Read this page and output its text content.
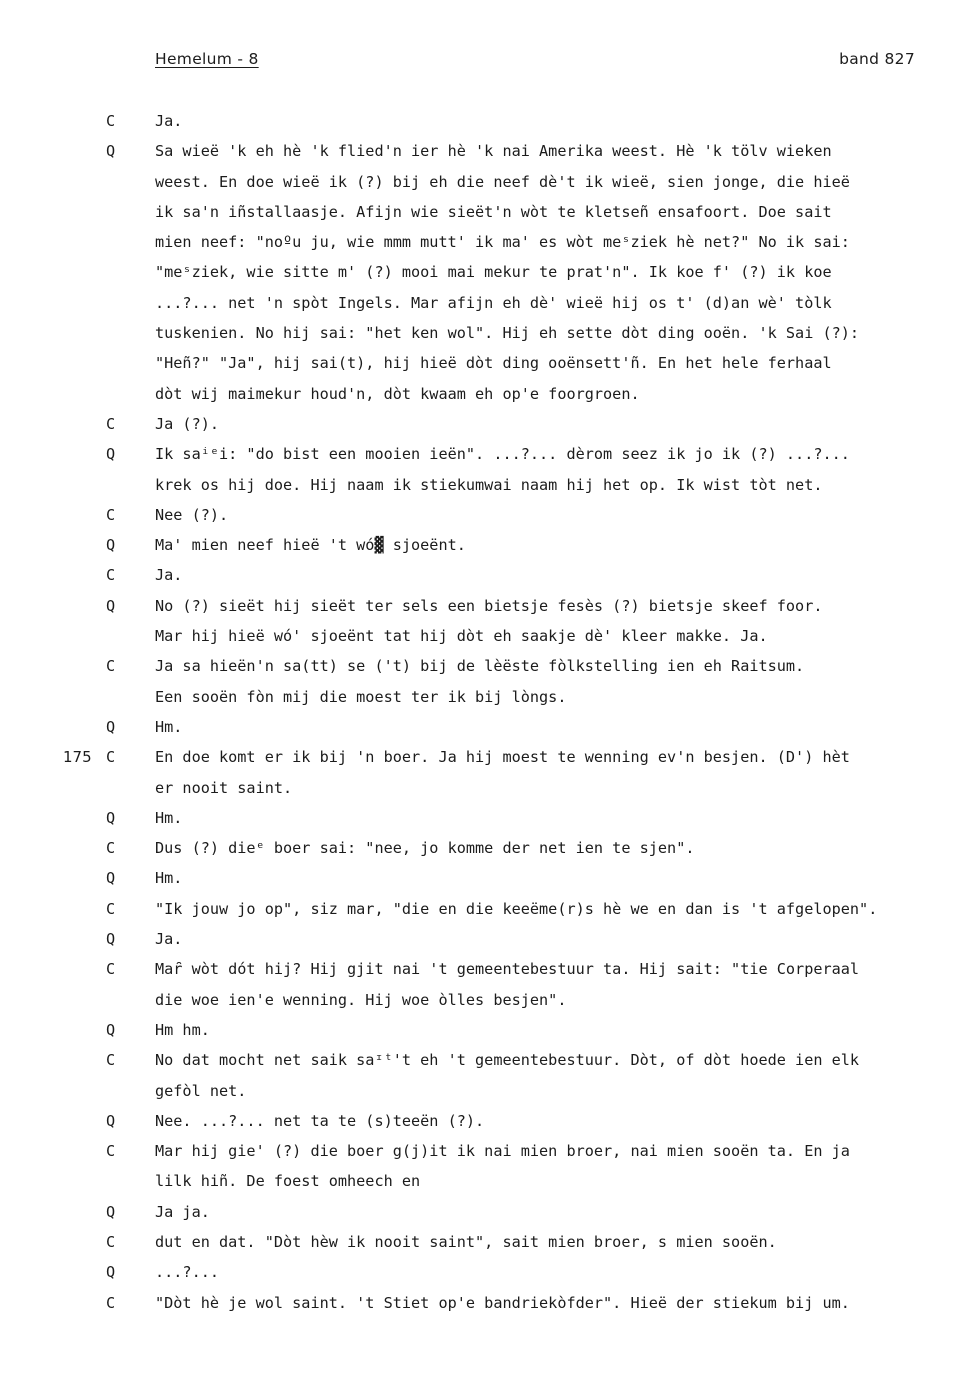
Hemelum - 8	band 827
C	Ja.
Q	Sa wieë 'k eh hè 'k flied'n ier hè 'k nai Amerika weest. Hè 'k tölv wieken
weest. En doe wieë ik (?) bij eh die neef dè't ik wieë, sien jonge, die hieë
ik sa'n iñstallaasje. Afijn wie sieët'n wòt te kletseñ ensafoort. Doe sait
mien neef: "noºu ju, wie mmm mutt' ik ma' es wòt meˢziek hè net?" No ik sai:
"meˢziek, wie sitte m' (?) mooi mai mekur te prat'n". Ik koe f' (?) ik koe
...?... net 'n spòt Ingels. Mar afijn eh dè' wieë hij os t' (d)an wè' tòlk
tuskenien. No hij sai: "het ken wol". Hij eh sette dòt ding ooën. 'k Sai (?):
"Heñ?" "Ja", hij sai(t), hij hieë dòt ding ooënsett'ñ. En het hele ferhaal
dòt wij maimekur houd'n, dòt kwaam eh op'e foorgroen.
C	Ja (?).
Q	Ik saⁱᵉi: "do bist een mooien ieën". ...?... dèrom seez ik jo ik (?) ...?...
krek os hij doe. Hij naam ik stiekumwai naam hij het op. Ik wist tòt net.
C	Nee (?).
Q	Ma' mien neef hieë 't wó▓ sjoeënt.
C	Ja.
Q	No (?) sieët hij sieët ter sels een bietsje fesès (?) bietsje skeef foor.
Mar hij hieë wó' sjoeënt tat hij dòt eh saakje dè' kleer makke. Ja.
C	Ja sa hieën'n sa(tt) se ('t) bij de lèëste fòlkstelling ien eh Raitsum.
Een sooën fòn mij die moest ter ik bij lòngs.
Q	Hm.
175 C	En doe komt er ik bij 'n boer. Ja hij moest te wenning ev'n besjen. (D') hèt
er nooit saint.
Q	Hm.
C	Dus (?) dieᵉ boer sai: "nee, jo komme der net ien te sjen".
Q	Hm.
C	"Ik jouw jo op", siz mar, "die en die keeëme(r)s hè we en dan is 't afgelopen".
Q	Ja.
C	Maȓ wòt dót hij? Hij gjit nai 't gemeentebestuur ta. Hij sait: "tie Corperaal
die woe ien'e wenning. Hij woe òlles besjen".
Q	Hm hm.
C	No dat mocht net saik saᶦᵗ't eh 't gemeentebestuur. Dòt, of dòt hoede ien elk
gefòl net.
Q	Nee. ...?... net ta te (s)teeën (?).
C	Mar hij gie' (?) die boer g(j)it ik nai mien broer, nai mien sooën ta. En ja
lilk hiñ. De foest omheech en
Q	Ja ja.
C	dut en dat. "Dòt hèw ik nooit saint", sait mien broer, s mien sooën.
Q	...?...
C	"Dòt hè je wol saint. 't Stiet op'e bandriekòfder". Hieë der stiekum bij um.
